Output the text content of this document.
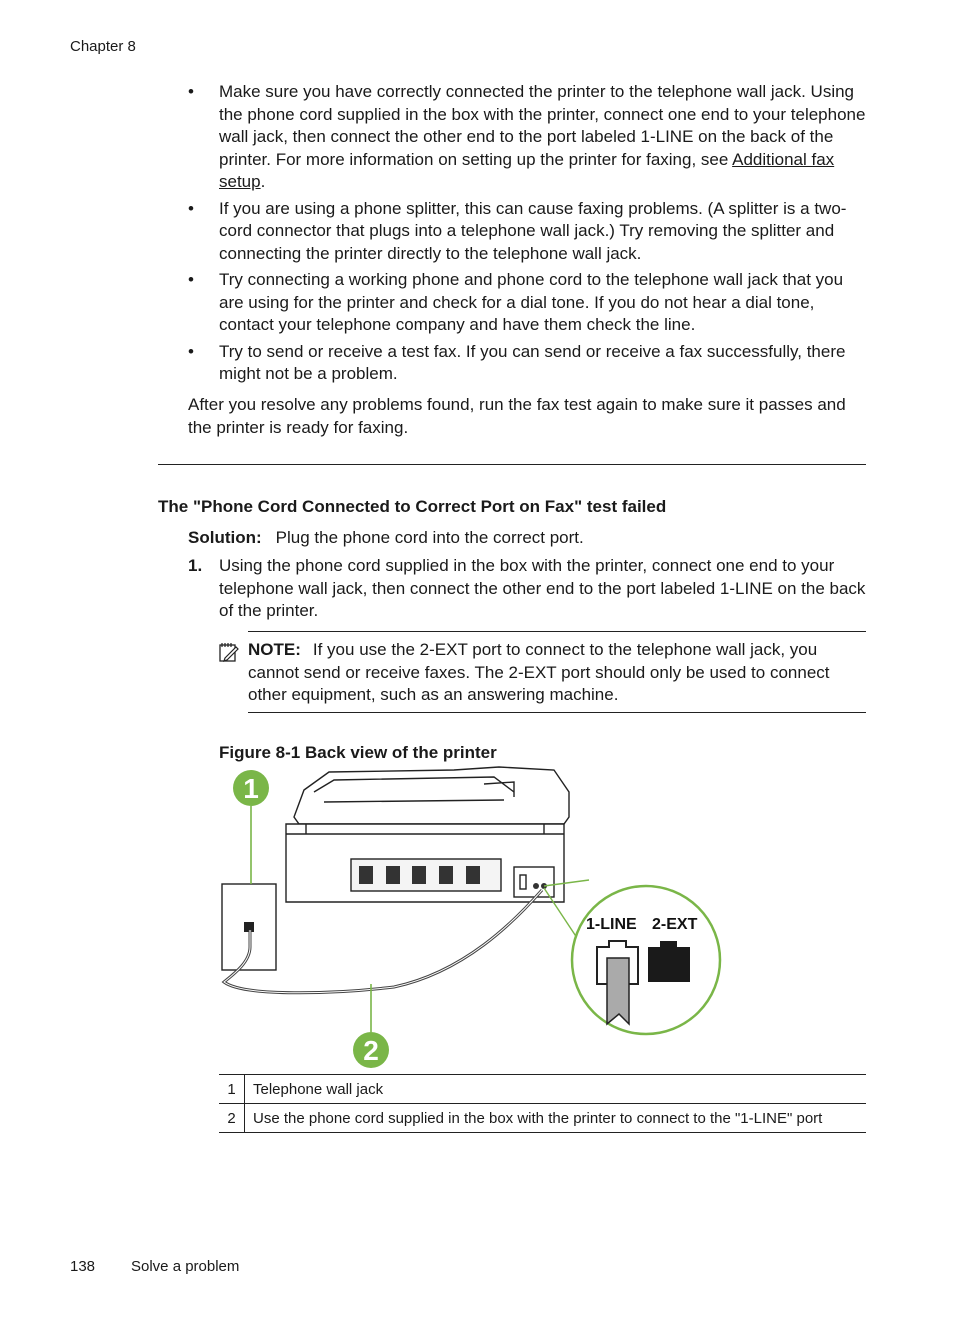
Chapter 8
• Make sure you have correctly connected the printer to the telephone wall jack. Using the phone cord supplied in the box with the printer, connect one end to your telephone wall jack, then connect the other end to the port labeled 1-LINE on the back of the printer. For more information on setting up the printer for faxing, see Additional fax setup.
• If you are using a phone splitter, this can cause faxing problems. (A splitter is a two-cord connector that plugs into a telephone wall jack.) Try removing the splitter and connecting the printer directly to the telephone wall jack.
• Try connecting a working phone and phone cord to the telephone wall jack that you are using for the printer and check for a dial tone. If you do not hear a dial tone, contact your telephone company and have them check the line.
• Try to send or receive a test fax. If you can send or receive a fax successfully, there might not be a problem.

After you resolve any problems found, run the fax test again to make sure it passes and the printer is ready for faxing.

The "Phone Cord Connected to Correct Port on Fax" test failed
Solution: Plug the phone cord into the correct port.
1. Using the phone cord supplied in the box with the printer, connect one end to your telephone wall jack, then connect the other end to the port labeled 1-LINE on the back of the printer.
NOTE: If you use the 2-EXT port to connect to the telephone wall jack, you cannot send or receive faxes. The 2-EXT port should only be used to connect other equipment, such as an answering machine.
Figure 8-1 Back view of the printer
1-LINE 2-EXT
1
2
1	Telephone wall jack
2	Use the phone cord supplied in the box with the printer to connect to the "1-LINE" port
138 Solve a problem
